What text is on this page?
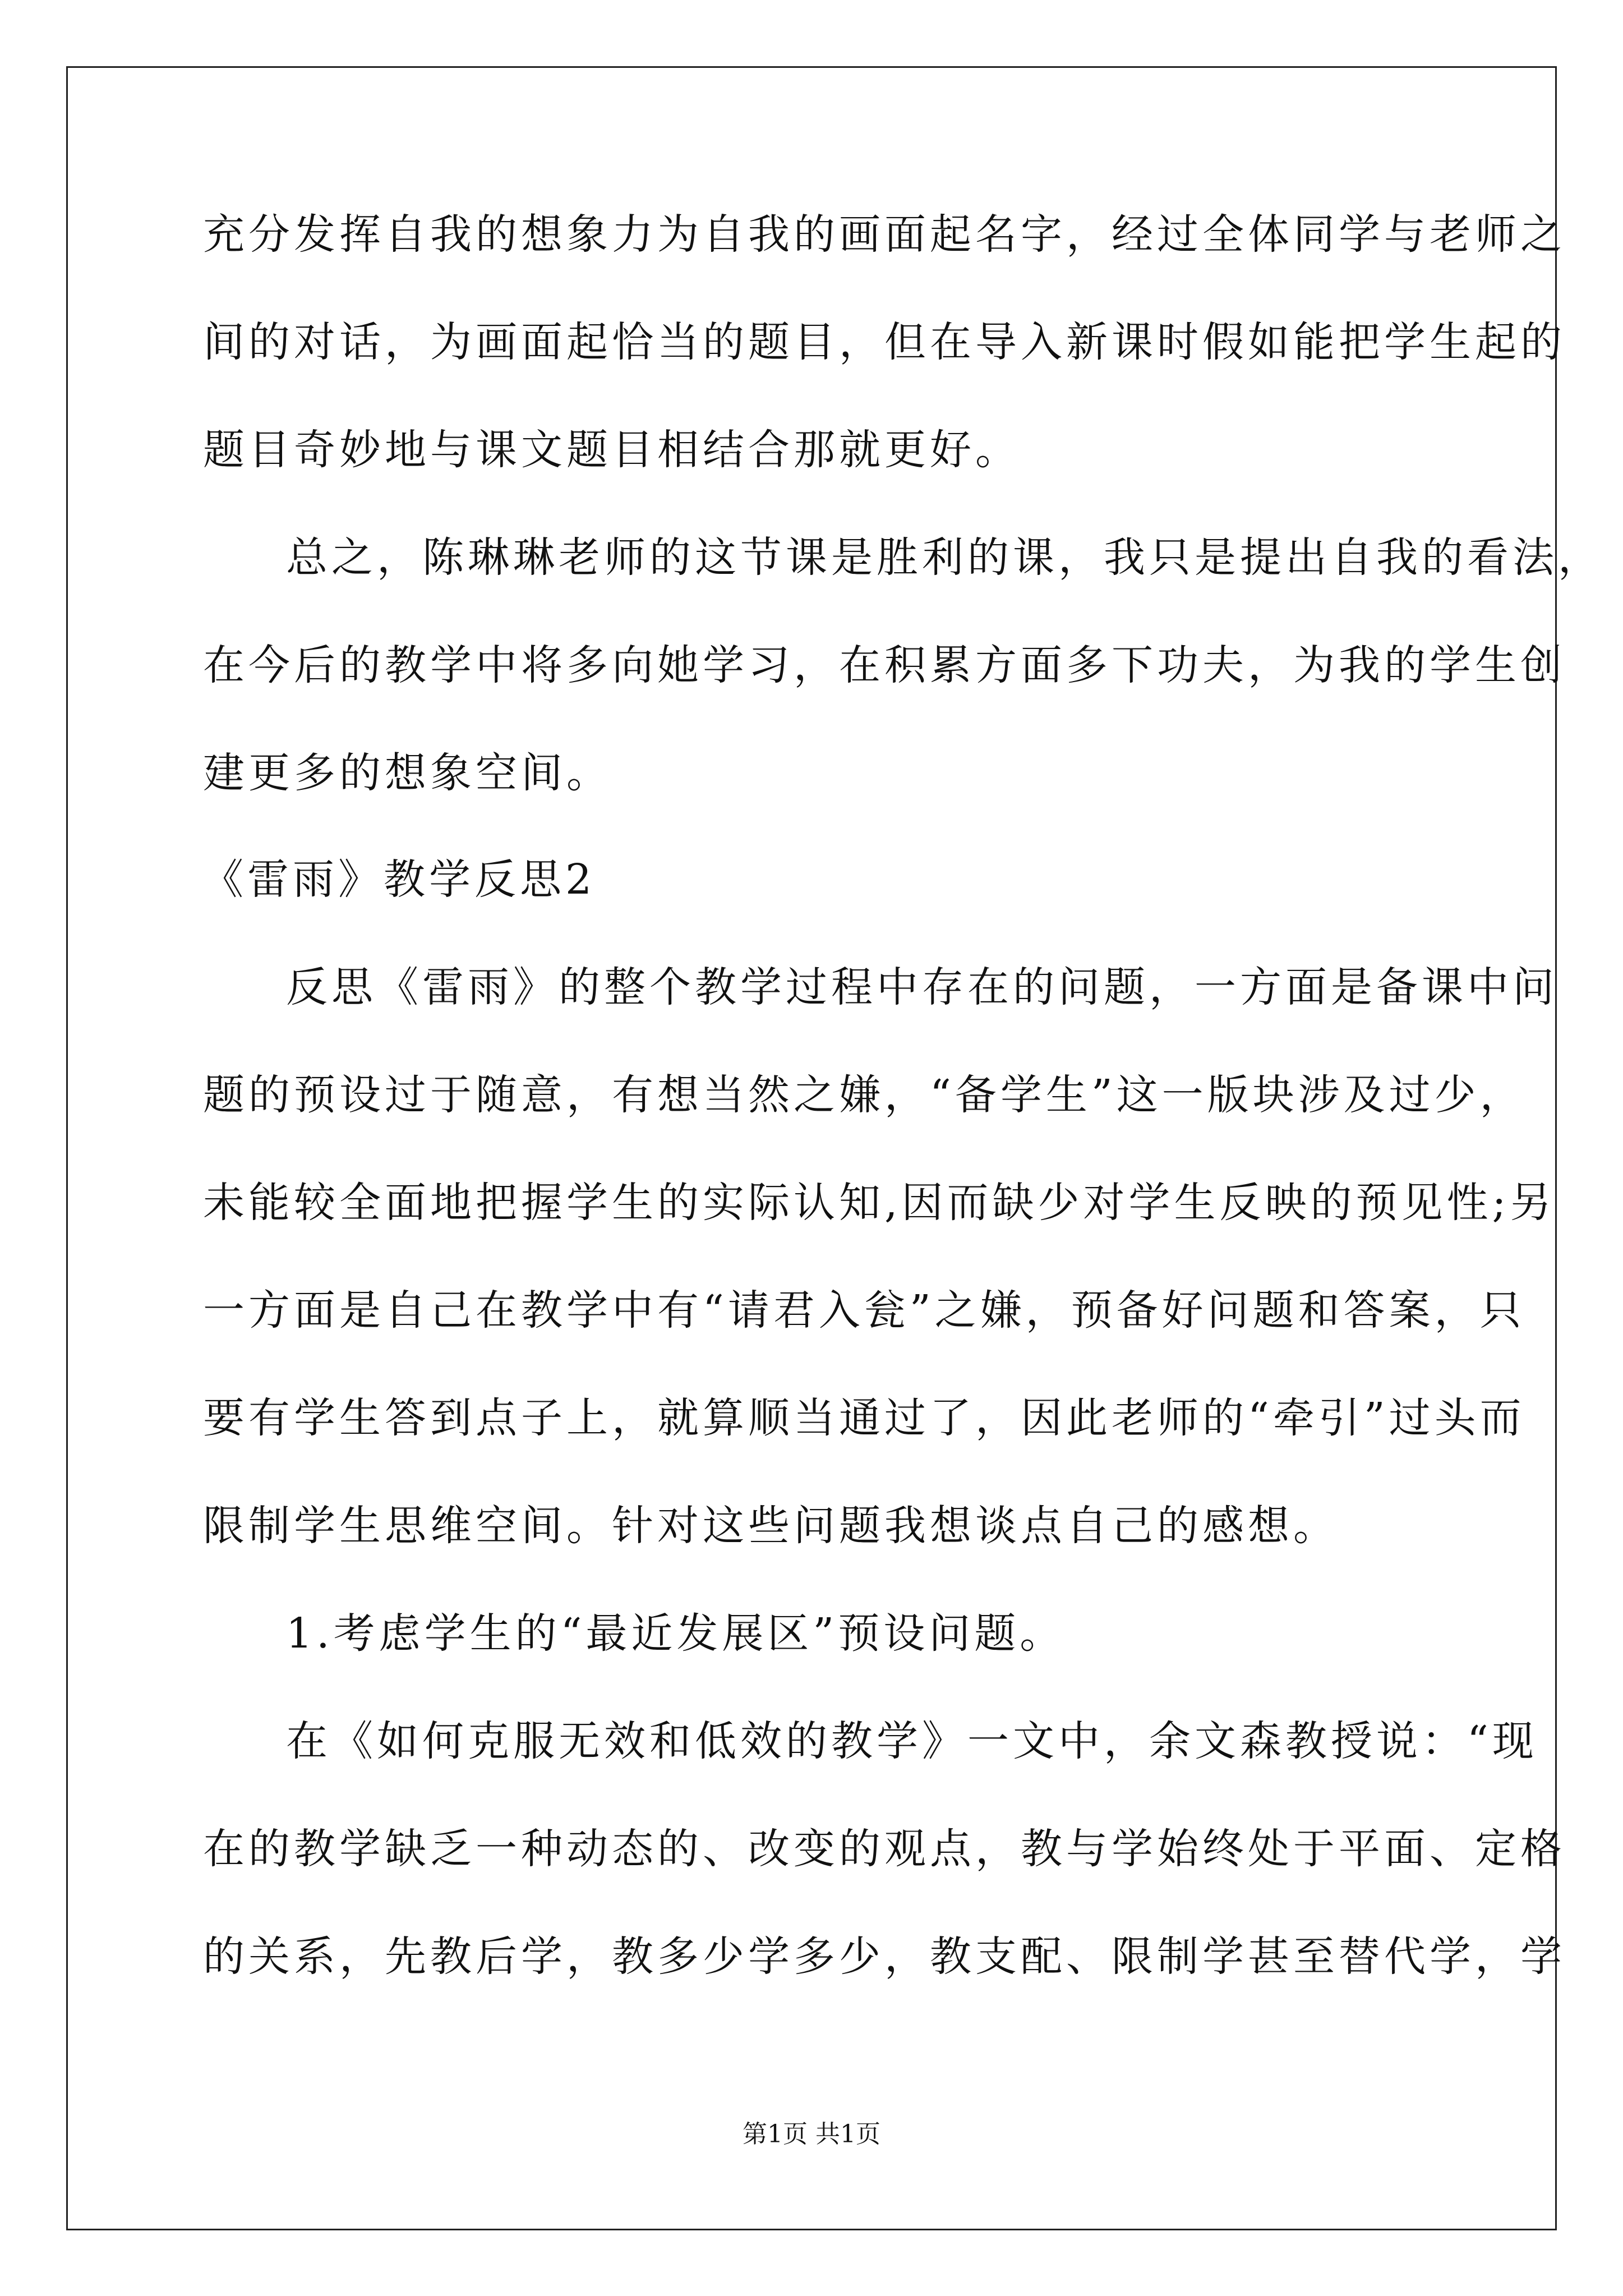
充分发挥自我的想象力为自我的画面起名字，经过全体同学与老师之
间的对话，为画面起恰当的题目，但在导入新课时假如能把学生起的
题目奇妙地与课文题目相结合那就更好。
总之，陈琳琳老师的这节课是胜利的课，我只是提出自我的看法，
在今后的教学中将多向她学习，在积累方面多下功夫，为我的学生创
建更多的想象空间。
《雷雨》教学反思2
反思《雷雨》的整个教学过程中存在的问题，一方面是备课中问
题的预设过于随意，有想当然之嫌，“备学生”这一版块涉及过少，
未能较全面地把握学生的实际认知,因而缺少对学生反映的预见性;另
一方面是自己在教学中有“请君入瓮”之嫌，预备好问题和答案，只
要有学生答到点子上，就算顺当通过了，因此老师的“牵引”过头而
限制学生思维空间。针对这些问题我想谈点自己的感想。
1.考虑学生的“最近发展区”预设问题。
在《如何克服无效和低效的教学》一文中，余文森教授说：“现
在的教学缺乏一种动态的、改变的观点，教与学始终处于平面、定格
的关系，先教后学，教多少学多少，教支配、限制学甚至替代学，学
第1页 共1页
